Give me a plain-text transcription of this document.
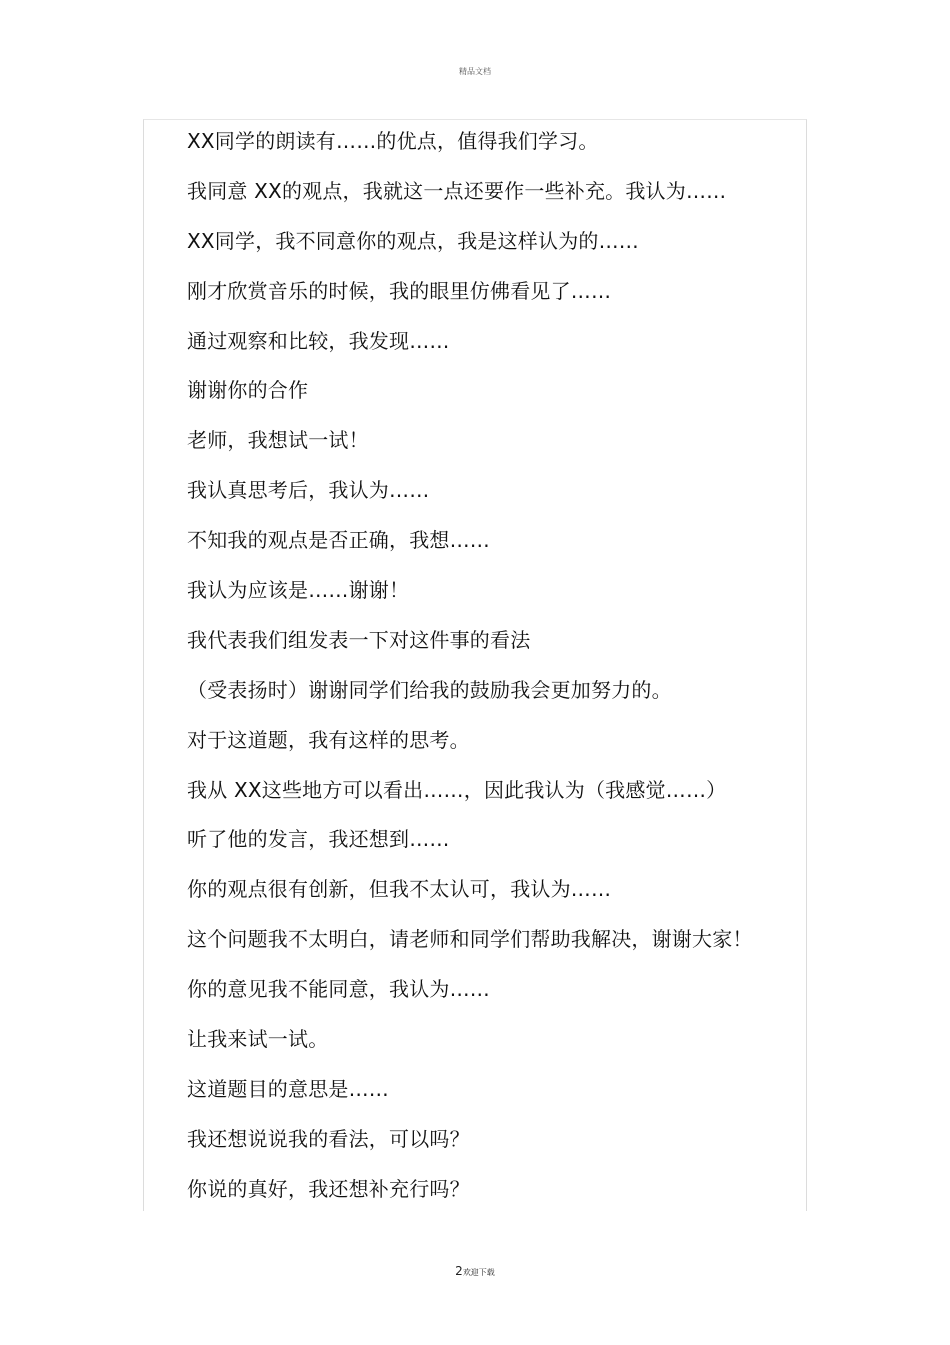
精品文档
XX同学的朗读有……的优点，值得我们学习。
我同意 XX的观点，我就这一点还要作一些补充。我认为……
XX同学，我不同意你的观点，我是这样认为的……
刚才欣赏音乐的时候，我的眼里仿佛看见了……
通过观察和比较，我发现……
谢谢你的合作
老师，我想试一试！
我认真思考后，我认为……
不知我的观点是否正确，我想……
我认为应该是……谢谢！
我代表我们组发表一下对这件事的看法
（受表扬时）谢谢同学们给我的鼓励我会更加努力的。
对于这道题，我有这样的思考。
我从 XX这些地方可以看出……，因此我认为（我感觉……）
听了他的发言，我还想到……
你的观点很有创新，但我不太认可，我认为……
这个问题我不太明白，请老师和同学们帮助我解决，谢谢大家！
你的意见我不能同意，我认为……
让我来试一试。
这道题目的意思是……
我还想说说我的看法，可以吗？
你说的真好，我还想补充行吗？
2欢迎下载
